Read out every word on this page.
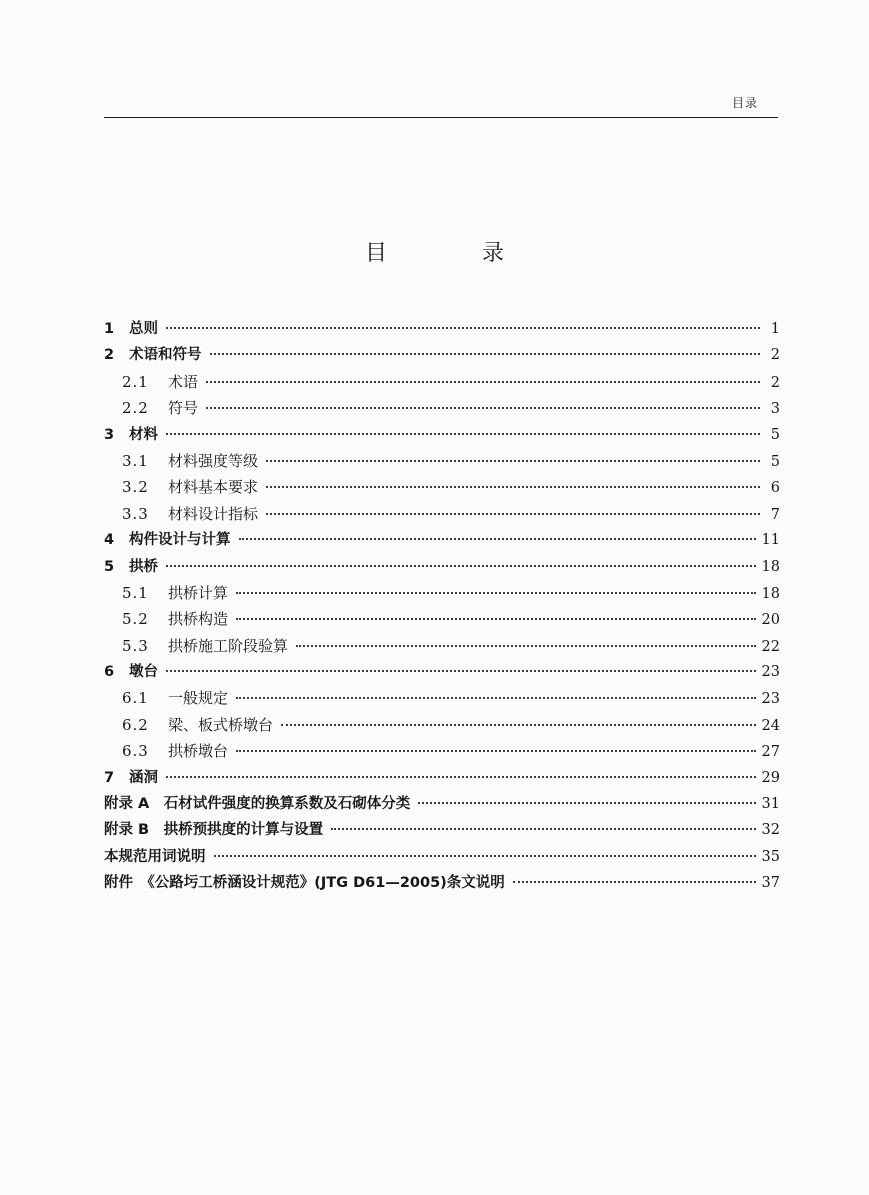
目录
目 录
1	总则	1
2	术语和符号	2
2.1	术语	2
2.2	符号	3
3	材料	5
3.1	材料强度等级	5
3.2	材料基本要求	6
3.3	材料设计指标	7
4	构件设计与计算	11
5	拱桥	18
5.1	拱桥计算	18
5.2	拱桥构造	20
5.3	拱桥施工阶段验算	22
6	墩台	23
6.1	一般规定	23
6.2	梁、板式桥墩台	24
6.3	拱桥墩台	27
7	涵洞	29
附录 A　石材试件强度的换算系数及石砌体分类	31
附录 B　拱桥预拱度的计算与设置	32
本规范用词说明	35
附件　《公路圬工桥涵设计规范》(JTG D61—2005)条文说明	37
